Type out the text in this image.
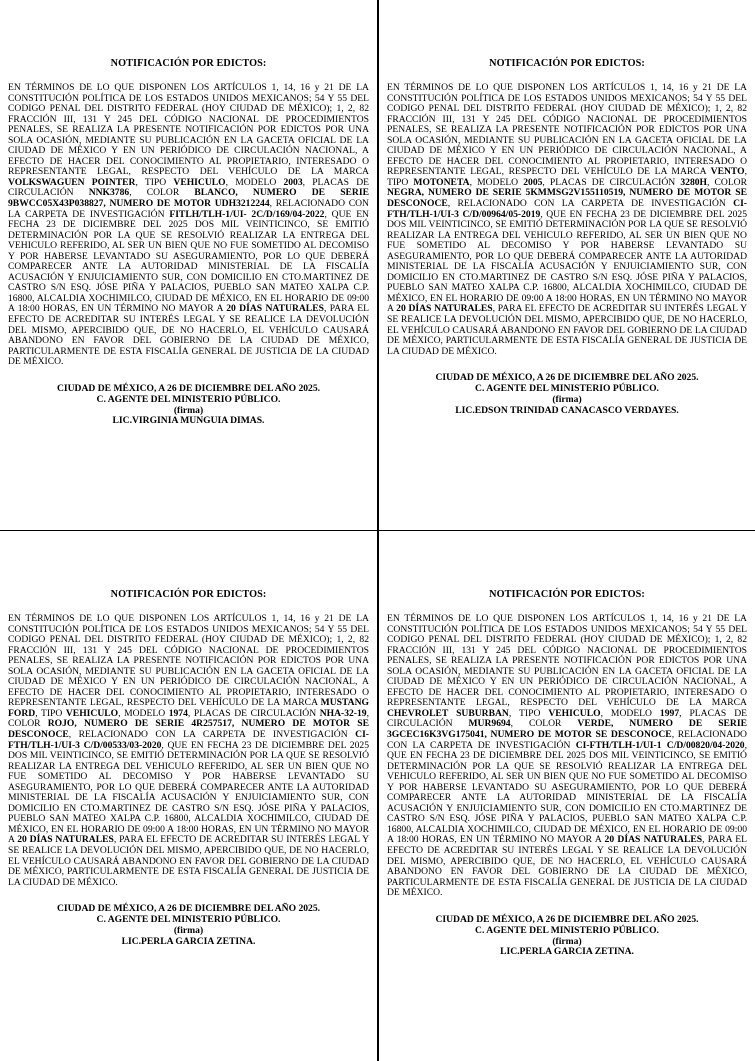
NOTIFICACIÓN POR EDICTOS:
EN TÉRMINOS DE LO QUE DISPONEN LOS ARTÍCULOS 1, 14, 16 y 21 DE LA CONSTITUCIÓN POLÍTICA DE LOS ESTADOS UNIDOS MEXICANOS; 54 Y 55 DEL CODIGO PENAL DEL DISTRITO FEDERAL (HOY CIUDAD DE MÉXICO); 1, 2, 82 FRACCIÓN III, 131 Y 245 DEL CÓDIGO NACIONAL DE PROCEDIMIENTOS PENALES, SE REALIZA LA PRESENTE NOTIFICACIÓN POR EDICTOS POR UNA SOLA OCASIÓN, MEDIANTE SU PUBLICACIÓN EN LA GACETA OFICIAL DE LA CIUDAD DE MÉXICO Y EN UN PERIÓDICO DE CIRCULACIÓN NACIONAL, A EFECTO DE HACER DEL CONOCIMIENTO AL PROPIETARIO, INTERESADO O REPRESENTANTE LEGAL, RESPECTO DEL VEHÍCULO DE LA MARCA VOLKSWAGUEN POINTER, TIPO VEHICULO, MODELO 2003, PLACAS DE CIRCULACIÓN NNK3786, COLOR BLANCO, NUMERO DE SERIE 9BWCC05X43P038827, NUMERO DE MOTOR UDH3212244, RELACIONADO CON LA CARPETA DE INVESTIGACIÓN FITLH/TLH-1/UI- 2C/D/169/04-2022, QUE EN FECHA 23 DE DICIEMBRE DEL 2025 DOS MIL VEINTICINCO, SE EMITIÓ DETERMINACIÓN POR LA QUE SE RESOLVIÓ REALIZAR LA ENTREGA DEL VEHICULO REFERIDO, AL SER UN BIEN QUE NO FUE SOMETIDO AL DECOMISO Y POR HABERSE LEVANTADO SU ASEGURAMIENTO, POR LO QUE DEBERÁ COMPARECER ANTE LA AUTORIDAD MINISTERIAL DE LA FISCALÍA ACUSACIÓN Y ENJUICIAMIENTO SUR, CON DOMICILIO EN CTO.MARTINEZ DE CASTRO S/N ESQ. JÓSE PIÑA Y PALACIOS, PUEBLO SAN MATEO XALPA C.P. 16800, ALCALDIA XOCHIMILCO, CIUDAD DE MÉXICO, EN EL HORARIO DE 09:00 A 18:00 HORAS, EN UN TÉRMINO NO MAYOR A 20 DÍAS NATURALES, PARA EL EFECTO DE ACREDITAR SU INTERÉS LEGAL Y SE REALICE LA DEVOLUCIÓN DEL MISMO, APERCIBIDO QUE, DE NO HACERLO, EL VEHÍCULO CAUSARÁ ABANDONO EN FAVOR DEL GOBIERNO DE LA CIUDAD DE MÉXICO, PARTICULARMENTE DE ESTA FISCALÍA GENERAL DE JUSTICIA DE LA CIUDAD DE MÉXICO.
CIUDAD DE MÉXICO, A 26 DE DICIEMBRE DEL AÑO 2025.
C. AGENTE DEL MINISTERIO PÚBLICO.
(firma)
LIC.VIRGINIA MUNGUIA DIMAS.
NOTIFICACIÓN POR EDICTOS:
EN TÉRMINOS DE LO QUE DISPONEN LOS ARTÍCULOS 1, 14, 16 y 21 DE LA CONSTITUCIÓN POLÍTICA DE LOS ESTADOS UNIDOS MEXICANOS; 54 Y 55 DEL CODIGO PENAL DEL DISTRITO FEDERAL (HOY CIUDAD DE MÉXICO); 1, 2, 82 FRACCIÓN III, 131 Y 245 DEL CÓDIGO NACIONAL DE PROCEDIMIENTOS PENALES, SE REALIZA LA PRESENTE NOTIFICACIÓN POR EDICTOS POR UNA SOLA OCASIÓN, MEDIANTE SU PUBLICACIÓN EN LA GACETA OFICIAL DE LA CIUDAD DE MÉXICO Y EN UN PERIÓDICO DE CIRCULACIÓN NACIONAL, A EFECTO DE HACER DEL CONOCIMIENTO AL PROPIETARIO, INTERESADO O REPRESENTANTE LEGAL, RESPECTO DEL VEHÍCULO DE LA MARCA VENTO, TIPO MOTONETA, MODELO 2005, PLACAS DE CIRCULACIÓN 3280H, COLOR NEGRA, NUMERO DE SERIE 5KMMSG2V155110519, NUMERO DE MOTOR SE DESCONOCE, RELACIONADO CON LA CARPETA DE INVESTIGACIÓN CI-FTH/TLH-1/UI-3 C/D/00964/05-2019, QUE EN FECHA 23 DE DICIEMBRE DEL 2025 DOS MIL VEINTICINCO, SE EMITIÓ DETERMINACIÓN POR LA QUE SE RESOLVIÓ REALIZAR LA ENTREGA DEL VEHICULO REFERIDO, AL SER UN BIEN QUE NO FUE SOMETIDO AL DECOMISO Y POR HABERSE LEVANTADO SU ASEGURAMIENTO, POR LO QUE DEBERÁ COMPARECER ANTE LA AUTORIDAD MINISTERIAL DE LA FISCALÍA ACUSACIÓN Y ENJUICIAMIENTO SUR, CON DOMICILIO EN CTO.MARTINEZ DE CASTRO S/N ESQ. JÓSE PIÑA Y PALACIOS, PUEBLO SAN MATEO XALPA C.P. 16800, ALCALDIA XOCHIMILCO, CIUDAD DE MÉXICO, EN EL HORARIO DE 09:00 A 18:00 HORAS, EN UN TÉRMINO NO MAYOR A 20 DÍAS NATURALES, PARA EL EFECTO DE ACREDITAR SU INTERÉS LEGAL Y SE REALICE LA DEVOLUCIÓN DEL MISMO, APERCIBIDO QUE, DE NO HACERLO, EL VEHÍCULO CAUSARÁ ABANDONO EN FAVOR DEL GOBIERNO DE LA CIUDAD DE MÉXICO, PARTICULARMENTE DE ESTA FISCALÍA GENERAL DE JUSTICIA DE LA CIUDAD DE MÉXICO.
CIUDAD DE MÉXICO, A 26 DE DICIEMBRE DEL AÑO 2025.
C. AGENTE DEL MINISTERIO PÚBLICO.
(firma)
LIC.EDSON TRINIDAD CANACASCO VERDAYES.
NOTIFICACIÓN POR EDICTOS:
EN TÉRMINOS DE LO QUE DISPONEN LOS ARTÍCULOS 1, 14, 16 y 21 DE LA CONSTITUCIÓN POLÍTICA DE LOS ESTADOS UNIDOS MEXICANOS; 54 Y 55 DEL CODIGO PENAL DEL DISTRITO FEDERAL (HOY CIUDAD DE MÉXICO); 1, 2, 82 FRACCIÓN III, 131 Y 245 DEL CÓDIGO NACIONAL DE PROCEDIMIENTOS PENALES, SE REALIZA LA PRESENTE NOTIFICACIÓN POR EDICTOS POR UNA SOLA OCASIÓN, MEDIANTE SU PUBLICACIÓN EN LA GACETA OFICIAL DE LA CIUDAD DE MÉXICO Y EN UN PERIÓDICO DE CIRCULACIÓN NACIONAL, A EFECTO DE HACER DEL CONOCIMIENTO AL PROPIETARIO, INTERESADO O REPRESENTANTE LEGAL, RESPECTO DEL VEHÍCULO DE LA MARCA MUSTANG FORD, TIPO VEHICULO, MODELO 1974, PLACAS DE CIRCULACIÓN NHA-32-19, COLOR ROJO, NUMERO DE SERIE 4R257517, NUMERO DE MOTOR SE DESCONOCE, RELACIONADO CON LA CARPETA DE INVESTIGACIÓN CI-FTH/TLH-1/UI-3 C/D/00533/03-2020, QUE EN FECHA 23 DE DICIEMBRE DEL 2025 DOS MIL VEINTICINCO, SE EMITIÓ DETERMINACIÓN POR LA QUE SE RESOLVIÓ REALIZAR LA ENTREGA DEL VEHICULO REFERIDO, AL SER UN BIEN QUE NO FUE SOMETIDO AL DECOMISO Y POR HABERSE LEVANTADO SU ASEGURAMIENTO, POR LO QUE DEBERÁ COMPARECER ANTE LA AUTORIDAD MINISTERIAL DE LA FISCALÍA ACUSACIÓN Y ENJUICIAMIENTO SUR, CON DOMICILIO EN CTO.MARTINEZ DE CASTRO S/N ESQ. JÓSE PIÑA Y PALACIOS, PUEBLO SAN MATEO XALPA C.P. 16800, ALCALDIA XOCHIMILCO, CIUDAD DE MÉXICO, EN EL HORARIO DE 09:00 A 18:00 HORAS, EN UN TÉRMINO NO MAYOR A 20 DÍAS NATURALES, PARA EL EFECTO DE ACREDITAR SU INTERÉS LEGAL Y SE REALICE LA DEVOLUCIÓN DEL MISMO, APERCIBIDO QUE, DE NO HACERLO, EL VEHÍCULO CAUSARÁ ABANDONO EN FAVOR DEL GOBIERNO DE LA CIUDAD DE MÉXICO, PARTICULARMENTE DE ESTA FISCALÍA GENERAL DE JUSTICIA DE LA CIUDAD DE MÉXICO.
CIUDAD DE MÉXICO, A 26 DE DICIEMBRE DEL AÑO 2025.
C. AGENTE DEL MINISTERIO PÚBLICO.
(firma)
LIC.PERLA GARCIA ZETINA.
NOTIFICACIÓN POR EDICTOS:
EN TÉRMINOS DE LO QUE DISPONEN LOS ARTÍCULOS 1, 14, 16 y 21 DE LA CONSTITUCIÓN POLÍTICA DE LOS ESTADOS UNIDOS MEXICANOS; 54 Y 55 DEL CODIGO PENAL DEL DISTRITO FEDERAL (HOY CIUDAD DE MÉXICO); 1, 2, 82 FRACCIÓN III, 131 Y 245 DEL CÓDIGO NACIONAL DE PROCEDIMIENTOS PENALES, SE REALIZA LA PRESENTE NOTIFICACIÓN POR EDICTOS POR UNA SOLA OCASIÓN, MEDIANTE SU PUBLICACIÓN EN LA GACETA OFICIAL DE LA CIUDAD DE MÉXICO Y EN UN PERIÓDICO DE CIRCULACIÓN NACIONAL, A EFECTO DE HACER DEL CONOCIMIENTO AL PROPIETARIO, INTERESADO O REPRESENTANTE LEGAL, RESPECTO DEL VEHÍCULO DE LA MARCA CHEVROLET SUBURBAN, TIPO VEHICULO, MODELO 1997, PLACAS DE CIRCULACIÓN MUR9694, COLOR VERDE, NUMERO DE SERIE 3GCEC16K3VG175041, NUMERO DE MOTOR SE DESCONOCE, RELACIONADO CON LA CARPETA DE INVESTIGACIÓN CI-FTH/TLH-1/UI-1 C/D/00820/04-2020, QUE EN FECHA 23 DE DICIEMBRE DEL 2025 DOS MIL VEINTICINCO, SE EMITIÓ DETERMINACIÓN POR LA QUE SE RESOLVIÓ REALIZAR LA ENTREGA DEL VEHICULO REFERIDO, AL SER UN BIEN QUE NO FUE SOMETIDO AL DECOMISO Y POR HABERSE LEVANTADO SU ASEGURAMIENTO, POR LO QUE DEBERÁ COMPARECER ANTE LA AUTORIDAD MINISTERIAL DE LA FISCALÍA ACUSACIÓN Y ENJUICIAMIENTO SUR, CON DOMICILIO EN CTO.MARTINEZ DE CASTRO S/N ESQ. JÓSE PIÑA Y PALACIOS, PUEBLO SAN MATEO XALPA C.P. 16800, ALCALDIA XOCHIMILCO, CIUDAD DE MÉXICO, EN EL HORARIO DE 09:00 A 18:00 HORAS, EN UN TÉRMINO NO MAYOR A 20 DÍAS NATURALES, PARA EL EFECTO DE ACREDITAR SU INTERÉS LEGAL Y SE REALICE LA DEVOLUCIÓN DEL MISMO, APERCIBIDO QUE, DE NO HACERLO, EL VEHÍCULO CAUSARÁ ABANDONO EN FAVOR DEL GOBIERNO DE LA CIUDAD DE MÉXICO, PARTICULARMENTE DE ESTA FISCALÍA GENERAL DE JUSTICIA DE LA CIUDAD DE MÉXICO.
CIUDAD DE MÉXICO, A 26 DE DICIEMBRE DEL AÑO 2025.
C. AGENTE DEL MINISTERIO PÚBLICO.
(firma)
LIC.PERLA GARCIA ZETINA.
